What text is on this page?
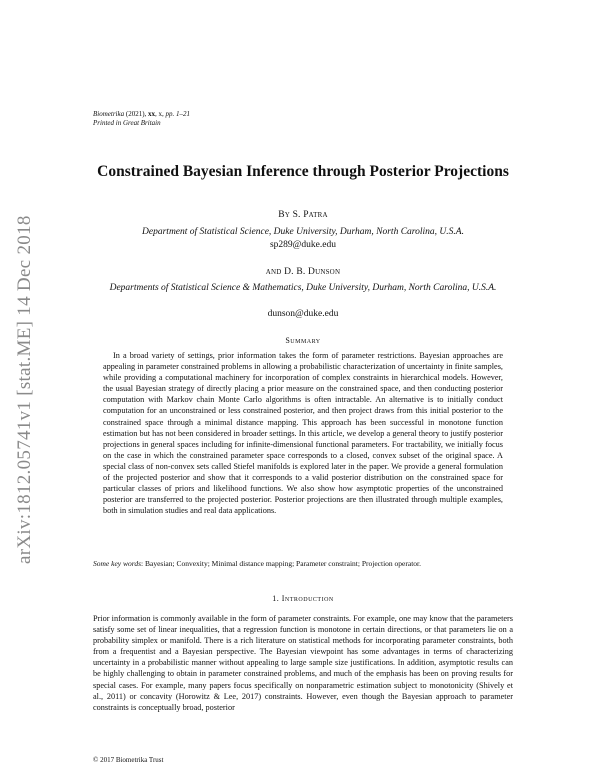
arXiv:1812.05741v1 [stat.ME] 14 Dec 2018
Biometrika (2021), xx, x, pp. 1–21
Printed in Great Britain
Constrained Bayesian Inference through Posterior Projections
By S. Patra
Department of Statistical Science, Duke University, Durham, North Carolina, U.S.A.
sp289@duke.edu
and D. B. Dunson
Departments of Statistical Science & Mathematics, Duke University, Durham, North Carolina, U.S.A.
dunson@duke.edu
Summary
In a broad variety of settings, prior information takes the form of parameter restrictions. Bayesian approaches are appealing in parameter constrained problems in allowing a probabilistic characterization of uncertainty in finite samples, while providing a computational machinery for incorporation of complex constraints in hierarchical models. However, the usual Bayesian strategy of directly placing a prior measure on the constrained space, and then conducting posterior computation with Markov chain Monte Carlo algorithms is often intractable. An alternative is to initially conduct computation for an unconstrained or less constrained posterior, and then project draws from this initial posterior to the constrained space through a minimal distance mapping. This approach has been successful in monotone function estimation but has not been considered in broader settings. In this article, we develop a general theory to justify posterior projections in general spaces including for infinite-dimensional functional parameters. For tractability, we initially focus on the case in which the constrained parameter space corresponds to a closed, convex subset of the original space. A special class of non-convex sets called Stiefel manifolds is explored later in the paper. We provide a general formulation of the projected posterior and show that it corresponds to a valid posterior distribution on the constrained space for particular classes of priors and likelihood functions. We also show how asymptotic properties of the unconstrained posterior are transferred to the projected posterior. Posterior projections are then illustrated through multiple examples, both in simulation studies and real data applications.
Some key words: Bayesian; Convexity; Minimal distance mapping; Parameter constraint; Projection operator.
1. Introduction
Prior information is commonly available in the form of parameter constraints. For example, one may know that the parameters satisfy some set of linear inequalities, that a regression function is monotone in certain directions, or that parameters lie on a probability simplex or manifold. There is a rich literature on statistical methods for incorporating parameter constraints, both from a frequentist and a Bayesian perspective. The Bayesian viewpoint has some advantages in terms of characterizing uncertainty in a probabilistic manner without appealing to large sample size justifications. In addition, asymptotic results can be highly challenging to obtain in parameter constrained problems, and much of the emphasis has been on proving results for special cases. For example, many papers focus specifically on nonparametric estimation subject to monotonicity (Shively et al., 2011) or concavity (Horowitz & Lee, 2017) constraints. However, even though the Bayesian approach to parameter constraints is conceptually broad, posterior
© 2017 Biometrika Trust
